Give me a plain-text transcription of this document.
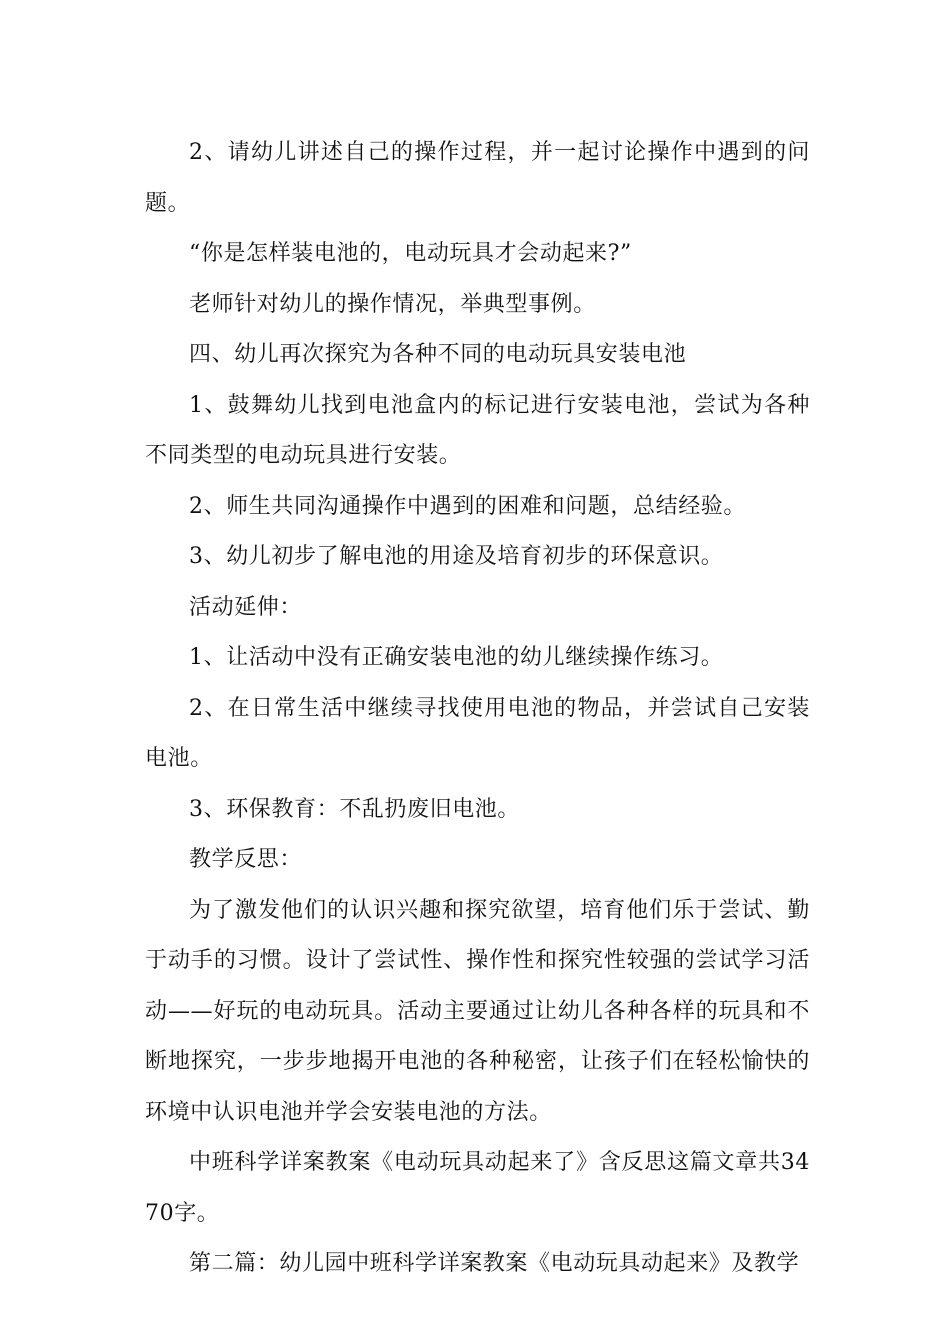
2、请幼儿讲述自己的操作过程，并一起讨论操作中遇到的问题。

“你是怎样装电池的，电动玩具才会动起来?”

老师针对幼儿的操作情况，举典型事例。

四、幼儿再次探究为各种不同的电动玩具安装电池

1、鼓舞幼儿找到电池盒内的标记进行安装电池，尝试为各种不同类型的电动玩具进行安装。

2、师生共同沟通操作中遇到的困难和问题，总结经验。

3、幼儿初步了解电池的用途及培育初步的环保意识。

活动延伸：

1、让活动中没有正确安装电池的幼儿继续操作练习。

2、在日常生活中继续寻找使用电池的物品，并尝试自己安装电池。

3、环保教育：不乱扔废旧电池。

教学反思：

为了激发他们的认识兴趣和探究欲望，培育他们乐于尝试、勤于动手的习惯。设计了尝试性、操作性和探究性较强的尝试学习活动——好玩的电动玩具。活动主要通过让幼儿各种各样的玩具和不断地探究，一步步地揭开电池的各种秘密，让孩子们在轻松愉快的环境中认识电池并学会安装电池的方法。

中班科学详案教案《电动玩具动起来了》含反思这篇文章共3470字。

第二篇：幼儿园中班科学详案教案《电动玩具动起来》及教学
